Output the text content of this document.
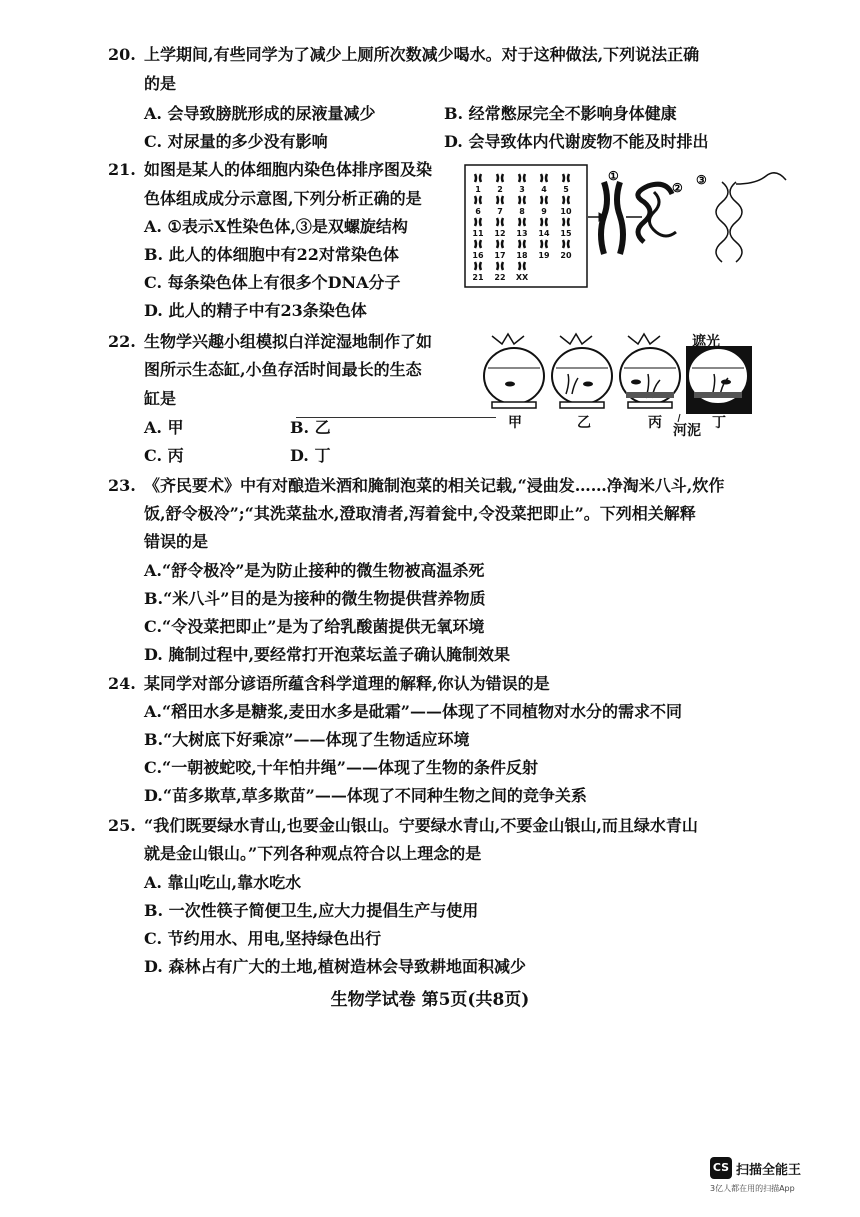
20. 上学期间,有些同学为了减少上厕所次数减少喝水。对于这种做法,下列说法正确
的是
A. 会导致膀胱形成的尿液量减少	B. 经常憋尿完全不影响身体健康
C. 对尿量的多少没有影响	D. 会导致体内代谢废物不能及时排出
21. 如图是某人的体细胞内染色体排序图及染
色体组成成分示意图,下列分析正确的是
A. ①表示X性染色体,③是双螺旋结构
B. 此人的体细胞中有22对常染色体
C. 每条染色体上有很多个DNA分子
D. 此人的精子中有23条染色体
1 2 3 4 5
6 7 8 9 10
11 12 13 14 15
16 17 18 19 20
21 22 XX
①
②
③
22. 生物学兴趣小组模拟白洋淀湿地制作了如
图所示生态缸,小鱼存活时间最长的生态
缸是
A. 甲	B. 乙
C. 丙	D. 丁
遮光
甲	乙	丙	丁
河泥
23. 《齐民要术》中有对酿造米酒和腌制泡菜的相关记载,“浸曲发……净淘米八斗,炊作
饭,舒令极冷”;“其洗菜盐水,澄取清者,泻着瓮中,令没菜把即止”。下列相关解释
错误的是
A.“舒令极冷”是为防止接种的微生物被高温杀死
B.“米八斗”目的是为接种的微生物提供营养物质
C.“令没菜把即止”是为了给乳酸菌提供无氧环境
D. 腌制过程中,要经常打开泡菜坛盖子确认腌制效果
24. 某同学对部分谚语所蕴含科学道理的解释,你认为错误的是
A.“稻田水多是糖浆,麦田水多是砒霜”——体现了不同植物对水分的需求不同
B.“大树底下好乘凉”——体现了生物适应环境
C.“一朝被蛇咬,十年怕井绳”——体现了生物的条件反射
D.“苗多欺草,草多欺苗”——体现了不同种生物之间的竞争关系
25. “我们既要绿水青山,也要金山银山。宁要绿水青山,不要金山银山,而且绿水青山
就是金山银山。”下列各种观点符合以上理念的是
A. 靠山吃山,靠水吃水
B. 一次性筷子简便卫生,应大力提倡生产与使用
C. 节约用水、用电,坚持绿色出行
D. 森林占有广大的土地,植树造林会导致耕地面积减少
生物学试卷 第5页(共8页)
CS 扫描全能王
3亿人都在用的扫描App
